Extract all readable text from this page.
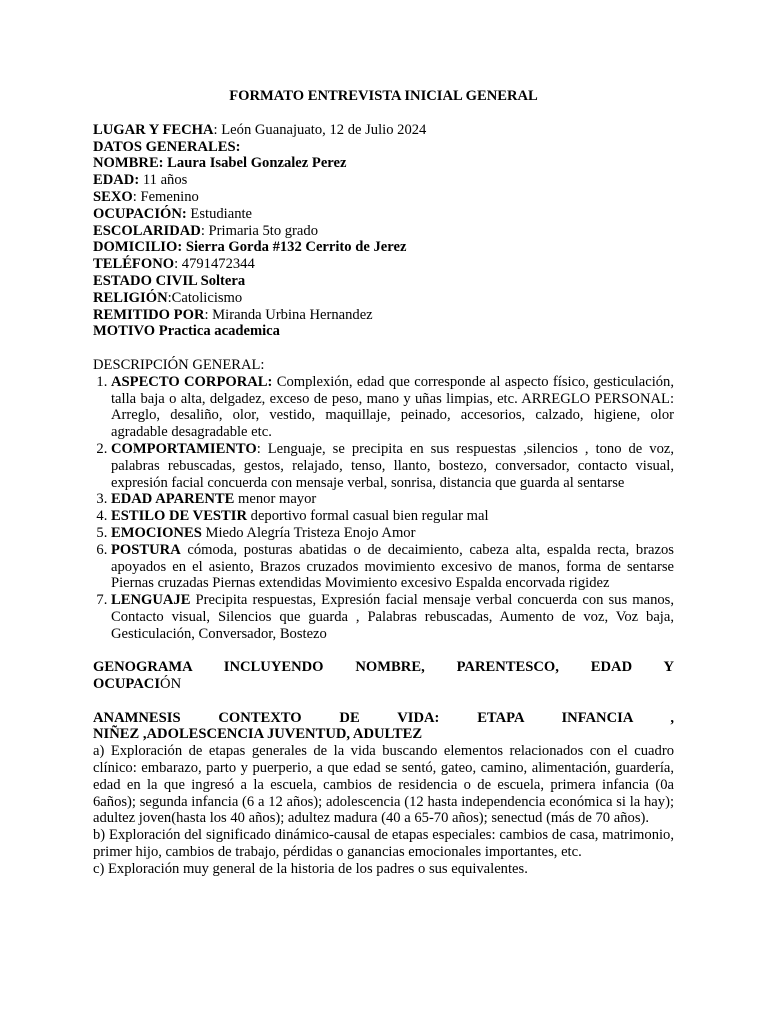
FORMATO ENTREVISTA INICIAL GENERAL

LUGAR Y FECHA: León Guanajuato, 12 de Julio 2024

DATOS GENERALES:

NOMBRE: Laura Isabel Gonzalez Perez

EDAD: 11 años

SEXO: Femenino

OCUPACIÓN: Estudiante

ESCOLARIDAD: Primaria 5to grado

DOMICILIO: Sierra Gorda #132 Cerrito de Jerez

TELÉFONO: 4791472344

ESTADO CIVIL Soltera

RELIGIÓN:Catolicismo

REMITIDO POR: Miranda Urbina Hernandez

MOTIVO Practica academica

DESCRIPCIÓN GENERAL:

1. ASPECTO CORPORAL: Complexión, edad que corresponde al aspecto físico, gesticulación, talla baja o alta, delgadez, exceso de peso, mano y uñas limpias, etc. ARREGLO PERSONAL: Arreglo, desaliño, olor, vestido, maquillaje, peinado, accesorios, calzado, higiene, olor agradable desagradable etc.
2. COMPORTAMIENTO: Lenguaje, se precipita en sus respuestas ,silencios , tono de voz, palabras rebuscadas, gestos, relajado, tenso, llanto, bostezo, conversador, contacto visual, expresión facial concuerda con mensaje verbal, sonrisa, distancia que guarda al sentarse
3. EDAD APARENTE menor mayor
4. ESTILO DE VESTIR deportivo formal casual bien regular mal
5. EMOCIONES Miedo Alegría Tristeza Enojo Amor
6. POSTURA cómoda, posturas abatidas o de decaimiento, cabeza alta, espalda recta, brazos apoyados en el asiento, Brazos cruzados movimiento excesivo de manos, forma de sentarse Piernas cruzadas Piernas extendidas Movimiento excesivo Espalda encorvada rigidez
7. LENGUAJE Precipita respuestas, Expresión facial mensaje verbal concuerda con sus manos, Contacto visual, Silencios que guarda , Palabras rebuscadas, Aumento de voz, Voz baja, Gesticulación, Conversador, Bostezo

GENOGRAMA INCLUYENDO NOMBRE, PARENTESCO, EDAD Y

OCUPACIÓN

ANAMNESIS CONTEXTO DE VIDA: ETAPA INFANCIA ,

NIÑEZ ,ADOLESCENCIA JUVENTUD, ADULTEZ

a) Exploración de etapas generales de la vida buscando elementos relacionados con el cuadro clínico: embarazo, parto y puerperio, a que edad se sentó, gateo, camino, alimentación, guardería, edad en la que ingresó a la escuela, cambios de residencia o de escuela, primera infancia (0a 6años); segunda infancia (6 a 12 años); adolescencia (12 hasta independencia económica si la hay); adultez joven(hasta los 40 años); adultez madura (40 a 65-70 años); senectud (más de 70 años).

b) Exploración del significado dinámico-causal de etapas especiales: cambios de casa, matrimonio, primer hijo, cambios de trabajo, pérdidas o ganancias emocionales importantes, etc.

c) Exploración muy general de la historia de los padres o sus equivalentes.
